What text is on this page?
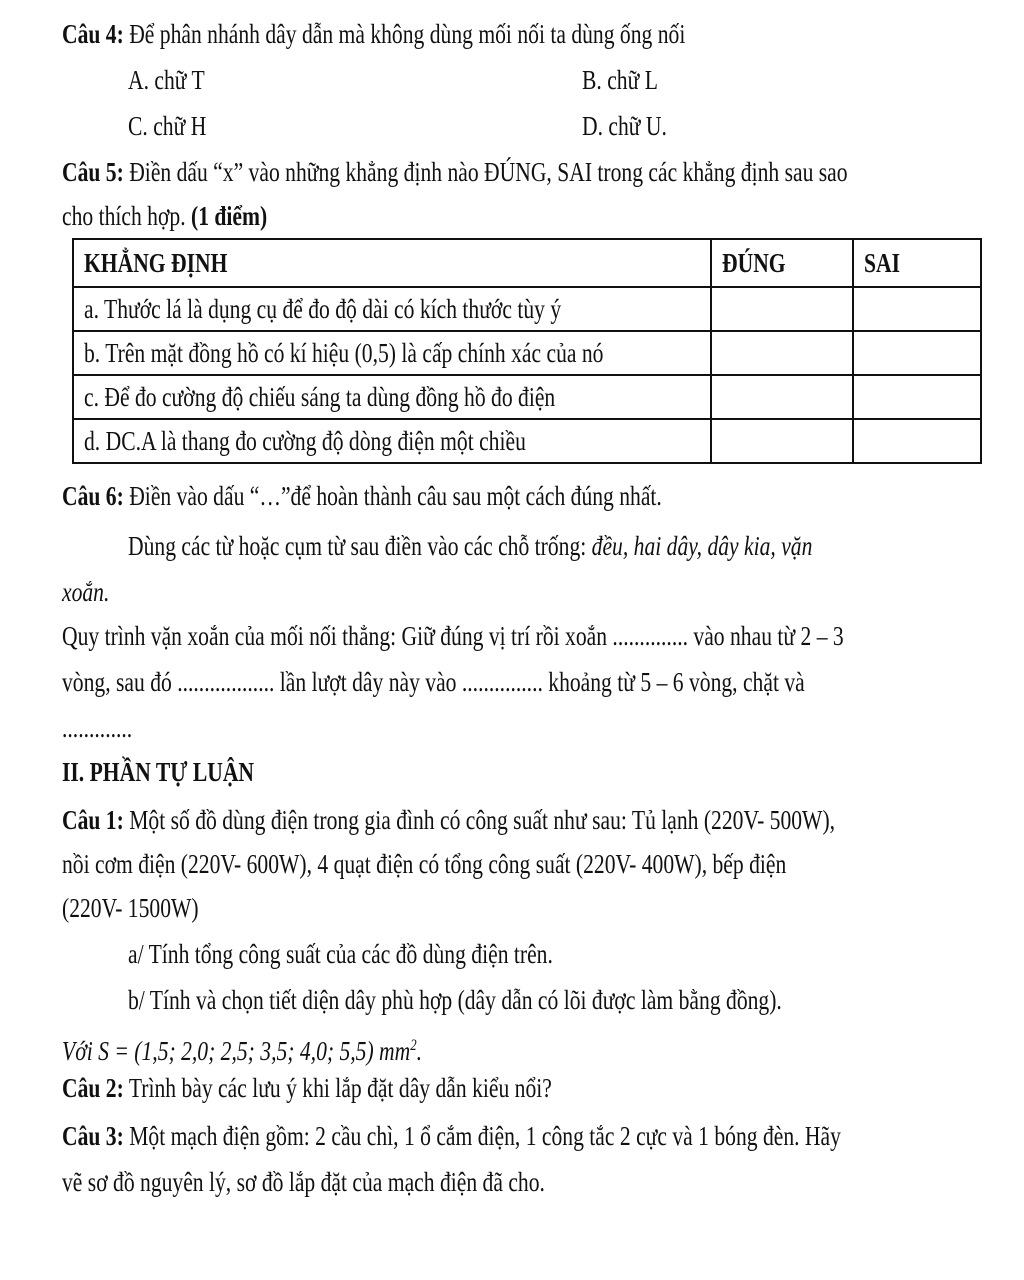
Câu 4: Để phân nhánh dây dẫn mà không dùng mối nối ta dùng ống nối
A. chữ T	B. chữ L
C. chữ H	D. chữ U.
Câu 5: Điền dấu “x” vào những khẳng định nào ĐÚNG, SAI trong các khẳng định sau sao
cho thích hợp. (1 điểm)
KHẲNG ĐỊNH	ĐÚNG	SAI
a. Thước lá là dụng cụ để đo độ dài có kích thước tùy ý		
b. Trên mặt đồng hồ có kí hiệu (0,5) là cấp chính xác của nó		
c. Để đo cường độ chiếu sáng ta dùng đồng hồ đo điện		
d. DC.A là thang đo cường độ dòng điện một chiều		
Câu 6: Điền vào dấu “…”để hoàn thành câu sau một cách đúng nhất.
Dùng các từ hoặc cụm từ sau điền vào các chỗ trống: đều, hai dây, dây kia, vặn
xoắn.
Quy trình vặn xoắn của mối nối thẳng: Giữ đúng vị trí rồi xoắn .............. vào nhau từ 2 – 3
vòng, sau đó .................. lần lượt dây này vào ............... khoảng từ 5 – 6 vòng, chặt và
.............
II. PHẦN TỰ LUẬN
Câu 1: Một số đồ dùng điện trong gia đình có công suất như sau: Tủ lạnh (220V- 500W),
nồi cơm điện (220V- 600W), 4 quạt điện có tổng công suất (220V- 400W), bếp điện
(220V- 1500W)
a/ Tính tổng công suất của các đồ dùng điện trên.
b/ Tính và chọn tiết diện dây phù hợp (dây dẫn có lõi được làm bằng đồng).
Với S = (1,5; 2,0; 2,5; 3,5; 4,0; 5,5) $mm^2$.
Câu 2: Trình bày các lưu ý khi lắp đặt dây dẫn kiểu nổi?
Câu 3: Một mạch điện gồm: 2 cầu chì, 1 ổ cắm điện, 1 công tắc 2 cực và 1 bóng đèn. Hãy
vẽ sơ đồ nguyên lý, sơ đồ lắp đặt của mạch điện đã cho.
